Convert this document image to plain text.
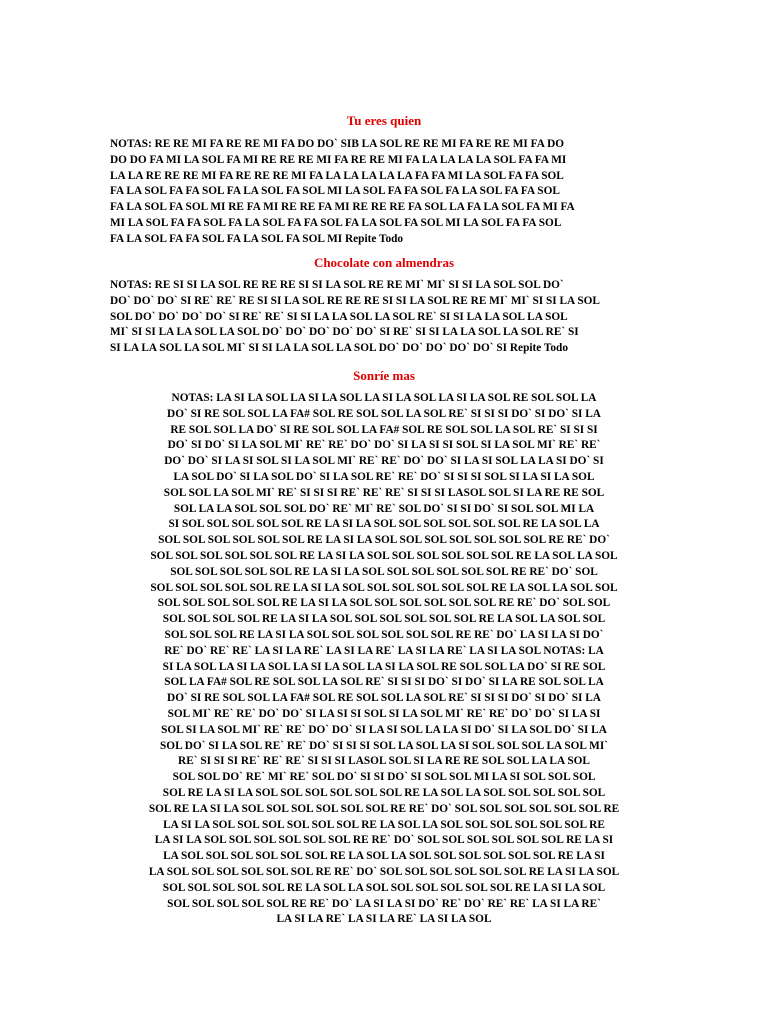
Tu eres quien
NOTAS: RE RE MI FA RE RE MI FA DO DO` SIB LA SOL RE RE MI FA RE RE MI FA DO
DO DO FA MI LA SOL FA MI RE RE RE MI FA RE RE MI FA LA LA LA LA SOL FA FA MI
LA LA RE RE RE MI FA RE RE RE MI FA LA LA LA LA LA FA FA MI LA SOL FA FA SOL
FA LA SOL FA FA SOL FA LA SOL FA SOL MI LA SOL FA FA SOL FA LA SOL FA FA SOL
FA LA SOL FA SOL MI RE FA MI RE RE FA MI RE RE RE FA SOL LA FA LA SOL FA MI FA
MI LA SOL FA FA SOL FA LA SOL FA FA SOL FA LA SOL FA SOL MI LA SOL FA FA SOL
FA LA SOL FA FA SOL FA LA SOL FA SOL MI Repite Todo
Chocolate con almendras
NOTAS: RE SI SI LA SOL RE RE RE SI SI LA SOL RE RE MI` MI` SI SI LA SOL SOL DO`
DO` DO` DO` SI RE` RE` RE SI SI LA SOL RE RE RE SI SI LA SOL RE RE MI` MI` SI SI LA SOL
SOL DO` DO` DO` DO` SI RE` RE` SI SI LA LA SOL LA SOL RE` SI SI LA LA SOL LA SOL
MI` SI SI LA LA SOL LA SOL DO` DO` DO` DO` DO` SI RE` SI SI LA LA SOL LA SOL RE` SI
SI LA LA SOL LA SOL MI` SI SI LA LA SOL LA SOL DO` DO` DO` DO` DO` SI Repite Todo
Sonríe mas
NOTAS: LA SI LA SOL LA SI LA SOL LA SI LA SOL LA SI LA SOL RE SOL SOL LA
DO` SI RE SOL SOL LA FA# SOL RE SOL SOL LA SOL RE` SI SI SI DO` SI DO` SI LA
RE SOL SOL LA DO` SI RE SOL SOL LA FA# SOL RE SOL SOL LA SOL RE` SI SI SI
DO` SI DO` SI LA SOL MI` RE` RE` DO` DO` SI LA SI SI SOL SI LA SOL MI` RE` RE`
DO` DO` SI LA SI SOL SI LA SOL MI` RE` RE` DO` DO` SI LA SI SOL LA LA SI DO` SI
LA SOL DO` SI LA SOL DO` SI LA SOL RE` RE` DO` SI SI SI SOL SI LA SI LA SOL
SOL SOL LA SOL MI` RE` SI SI SI RE` RE` RE` SI SI SI LASOL SOL SI LA RE RE SOL
SOL LA LA SOL SOL SOL DO` RE` MI` RE` SOL DO` SI SI DO` SI SOL SOL MI LA
SI SOL SOL SOL SOL SOL RE LA SI LA SOL SOL SOL SOL SOL SOL RE LA SOL LA
SOL SOL SOL SOL SOL SOL RE LA SI LA SOL SOL SOL SOL SOL SOL SOL RE RE` DO`
SOL SOL SOL SOL SOL SOL RE LA SI LA SOL SOL SOL SOL SOL SOL RE LA SOL LA SOL
SOL SOL SOL SOL SOL RE LA SI LA SOL SOL SOL SOL SOL SOL RE RE` DO` SOL
SOL SOL SOL SOL SOL RE LA SI LA SOL SOL SOL SOL SOL SOL RE LA SOL LA SOL SOL
SOL SOL SOL SOL SOL RE LA SI LA SOL SOL SOL SOL SOL SOL RE RE` DO` SOL SOL
SOL SOL SOL SOL RE LA SI LA SOL SOL SOL SOL SOL SOL RE LA SOL LA SOL SOL
SOL SOL SOL RE LA SI LA SOL SOL SOL SOL SOL SOL RE RE` DO` LA SI LA SI DO`
RE` DO` RE` RE` LA SI LA RE` LA SI LA RE` LA SI LA RE` LA SI LA SOL NOTAS: LA
SI LA SOL LA SI LA SOL LA SI LA SOL LA SI LA SOL RE SOL SOL LA DO` SI RE SOL
SOL LA FA# SOL RE SOL SOL LA SOL RE` SI SI SI DO` SI DO` SI LA RE SOL SOL LA
DO` SI RE SOL SOL LA FA# SOL RE SOL SOL LA SOL RE` SI SI SI DO` SI DO` SI LA
SOL MI` RE` RE` DO` DO` SI LA SI SI SOL SI LA SOL MI` RE` RE` DO` DO` SI LA SI
SOL SI LA SOL MI` RE` RE` DO` DO` SI LA SI SOL LA LA SI DO` SI LA SOL DO` SI LA
SOL DO` SI LA SOL RE` RE` DO` SI SI SI SOL LA SOL LA SI SOL SOL SOL LA SOL MI`
RE` SI SI SI RE` RE` RE` SI SI SI LASOL SOL SI LA RE RE SOL SOL LA LA SOL
SOL SOL DO` RE` MI` RE` SOL DO` SI SI DO` SI SOL SOL MI LA SI SOL SOL SOL
SOL RE LA SI LA SOL SOL SOL SOL SOL SOL RE LA SOL LA SOL SOL SOL SOL SOL
SOL RE LA SI LA SOL SOL SOL SOL SOL SOL RE RE` DO` SOL SOL SOL SOL SOL SOL RE
LA SI LA SOL SOL SOL SOL SOL SOL RE LA SOL LA SOL SOL SOL SOL SOL SOL RE
LA SI LA SOL SOL SOL SOL SOL SOL RE RE` DO` SOL SOL SOL SOL SOL SOL RE LA SI
LA SOL SOL SOL SOL SOL SOL RE LA SOL LA SOL SOL SOL SOL SOL SOL RE LA SI
LA SOL SOL SOL SOL SOL SOL RE RE` DO` SOL SOL SOL SOL SOL SOL RE LA SI LA SOL
SOL SOL SOL SOL SOL RE LA SOL LA SOL SOL SOL SOL SOL SOL RE LA SI LA SOL
SOL SOL SOL SOL SOL RE RE` DO` LA SI LA SI DO` RE` DO` RE` RE` LA SI LA RE`
LA SI LA RE` LA SI LA RE` LA SI LA SOL
